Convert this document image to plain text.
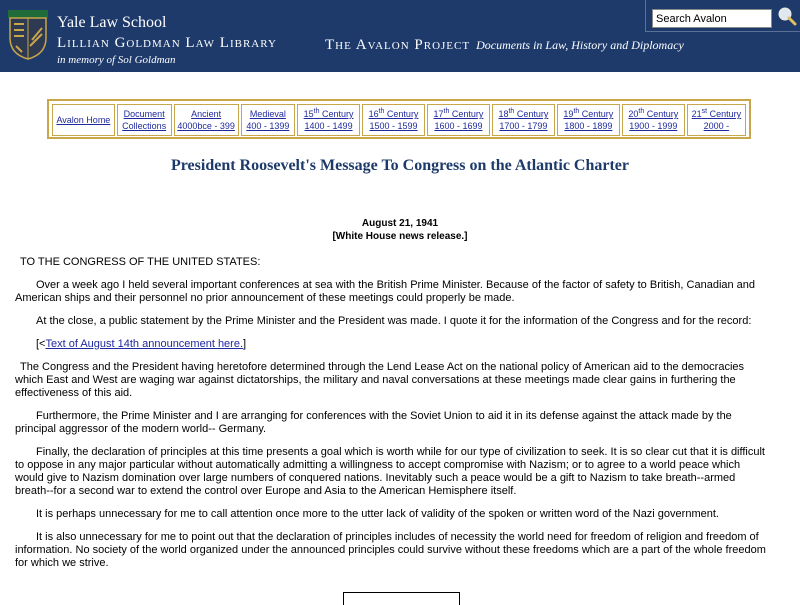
Yale Law School
Lillian Goldman Law Library
in memory of Sol Goldman
The Avalon Project Documents in Law, History and Diplomacy
Search Avalon
Avalon Home	Document
Collections	Ancient
4000bce - 399	Medieval
400 - 1399	15th Century
1400 - 1499	16th Century
1500 - 1599	17th Century
1600 - 1699	18th Century
1700 - 1799	19th Century
1800 - 1899	20th Century
1900 - 1999	21st Century
2000 -
President Roosevelt's Message To Congress on the Atlantic Charter
August 21, 1941
[White House news release.]

TO THE CONGRESS OF THE UNITED STATES:

Over a week ago I held several important conferences at sea with the British Prime Minister. Because of the factor of safety to British, Canadian and American ships and their personnel no prior announcement of these meetings could properly be made.

At the close, a public statement by the Prime Minister and the President was made. I quote it for the information of the Congress and for the record:

[<Text of August 14th announcement here.]

The Congress and the President having heretofore determined through the Lend Lease Act on the national policy of American aid to the democracies which East and West are waging war against dictatorships, the military and naval conversations at these meetings made clear gains in furthering the effectiveness of this aid.

Furthermore, the Prime Minister and I are arranging for conferences with the Soviet Union to aid it in its defense against the attack made by the principal aggressor of the modern world-- Germany.

Finally, the declaration of principles at this time presents a goal which is worth while for our type of civilization to seek. It is so clear cut that it is difficult to oppose in any major particular without automatically admitting a willingness to accept compromise with Nazism; or to agree to a world peace which would give to Nazism domination over large numbers of conquered nations. Inevitably such a peace would be a gift to Nazism to take breath--armed breath--for a second war to extend the control over Europe and Asia to the American Hemisphere itself.

It is perhaps unnecessary for me to call attention once more to the utter lack of validity of the spoken or written word of the Nazi government.

It is also unnecessary for me to point out that the declaration of principles includes of necessity the world need for freedom of religion and freedom of information. No society of the world organized under the announced principles could survive without these freedoms which are a part of the whole freedom for which we strive.
